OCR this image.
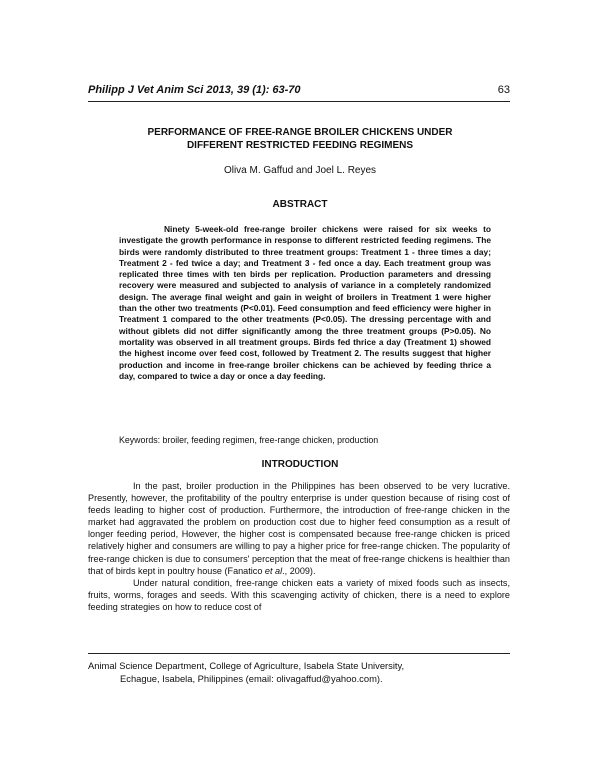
Philipp J Vet Anim Sci 2013, 39 (1): 63-70	63
PERFORMANCE OF FREE-RANGE BROILER CHICKENS UNDER
DIFFERENT RESTRICTED FEEDING REGIMENS
Oliva M. Gaffud and Joel L. Reyes
ABSTRACT
Ninety 5-week-old free-range broiler chickens were raised for six weeks to investigate the growth performance in response to different restricted feeding regimens. The birds were randomly distributed to three treatment groups: Treatment 1 - three times a day; Treatment 2 - fed twice a day; and Treatment 3 - fed once a day. Each treatment group was replicated three times with ten birds per replication. Production parameters and dressing recovery were measured and subjected to analysis of variance in a completely randomized design. The average final weight and gain in weight of broilers in Treatment 1 were higher than the other two treatments (P<0.01). Feed consumption and feed efficiency were higher in Treatment 1 compared to the other treatments (P<0.05). The dressing percentage with and without giblets did not differ significantly among the three treatment groups (P>0.05). No mortality was observed in all treatment groups. Birds fed thrice a day (Treatment 1) showed the highest income over feed cost, followed by Treatment 2. The results suggest that higher production and income in free-range broiler chickens can be achieved by feeding thrice a day, compared to twice a day or once a day feeding.
Keywords: broiler, feeding regimen, free-range chicken, production
INTRODUCTION

In the past, broiler production in the Philippines has been observed to be very lucrative. Presently, however, the profitability of the poultry enterprise is under question because of rising cost of feeds leading to higher cost of production. Furthermore, the introduction of free-range chicken in the market had aggravated the problem on production cost due to higher feed consumption as a result of longer feeding period, However, the higher cost is compensated because free-range chicken is priced relatively higher and consumers are willing to pay a higher price for free-range chicken. The popularity of free-range chicken is due to consumers' perception that the meat of free-range chickens is healthier than that of birds kept in poultry house (Fanatico et al., 2009).

Under natural condition, free-range chicken eats a variety of mixed foods such as insects, fruits, worms, forages and seeds. With this scavenging activity of chicken, there is a need to explore feeding strategies on how to reduce cost of

Animal Science Department, College of Agriculture, Isabela State University,
Echague, Isabela, Philippines (email: olivagaffud@yahoo.com).
